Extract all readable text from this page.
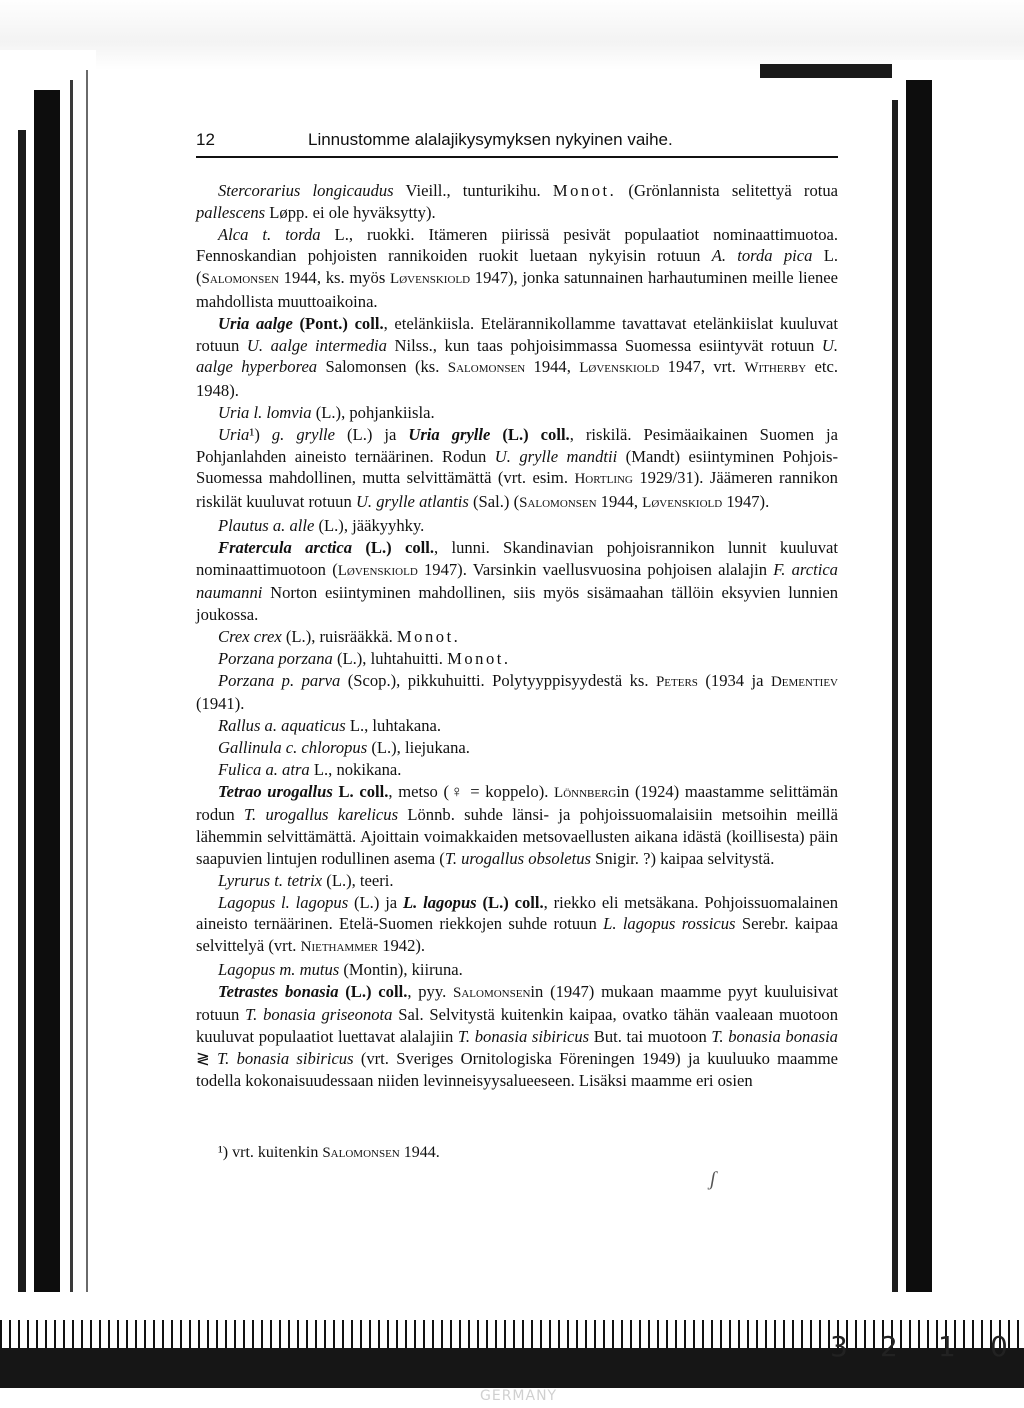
3 2 1 0
GERMANY
12	Linnustomme alalajikysymyksen nykyinen vaihe.

Stercorarius longicaudus Vieill., tunturikihu. Monot. (Grönlannista selitettyä rotua pallescens Løpp. ei ole hyväksytty).

Alca t. torda L., ruokki. Itämeren piirissä pesivät populaatiot nominaattimuotoa. Fennoskandian pohjoisten rannikoiden ruokit luetaan nykyisin rotuun A. torda pica L. (Salomonsen 1944, ks. myös Løvenskiold 1947), jonka satunnainen harhautuminen meille lienee mahdollista muuttoaikoina.

Uria aalge (Pont.) coll., etelänkiisla. Etelärannikollamme tavattavat etelänkiislat kuuluvat rotuun U. aalge intermedia Nilss., kun taas pohjoisimmassa Suomessa esiintyvät rotuun U. aalge hyperborea Salomonsen (ks. Salomonsen 1944, Løvenskiold 1947, vrt. Witherby etc. 1948).

Uria l. lomvia (L.), pohjankiisla.

Uria¹) g. grylle (L.) ja Uria grylle (L.) coll., riskilä. Pesimäaikainen Suomen ja Pohjanlahden aineisto ternäärinen. Rodun U. grylle mandtii (Mandt) esiintyminen Pohjois-Suomessa mahdollinen, mutta selvittämättä (vrt. esim. Hortling 1929/31). Jäämeren rannikon riskilät kuuluvat rotuun U. grylle atlantis (Sal.) (Salomonsen 1944, Løvenskiold 1947).

Plautus a. alle (L.), jääkyyhky.

Fratercula arctica (L.) coll., lunni. Skandinavian pohjoisrannikon lunnit kuuluvat nominaattimuotoon (Løvenskiold 1947). Varsinkin vaellusvuosina pohjoisen alalajin F. arctica naumanni Norton esiintyminen mahdollinen, siis myös sisämaahan tällöin eksyvien lunnien joukossa.

Crex crex (L.), ruisrääkkä. Monot.

Porzana porzana (L.), luhtahuitti. Monot.

Porzana p. parva (Scop.), pikkuhuitti. Polytyyppisyydestä ks. Peters (1934 ja Dementiev (1941).

Rallus a. aquaticus L., luhtakana.

Gallinula c. chloropus (L.), liejukana.

Fulica a. atra L., nokikana.

Tetrao urogallus L. coll., metso (♀ = koppelo). Lönnbergin (1924) maastamme selittämän rodun T. urogallus karelicus Lönnb. suhde länsi- ja pohjoissuomalaisiin metsoihin meillä lähemmin selvittämättä. Ajoittain voimakkaiden metsovaellusten aikana idästä (koillisesta) päin saapuvien lintujen rodullinen asema (T. urogallus obsoletus Snigir. ?) kaipaa selvitystä.

Lyrurus t. tetrix (L.), teeri.

Lagopus l. lagopus (L.) ja L. lagopus (L.) coll., riekko eli metsäkana. Pohjoissuomalainen aineisto ternäärinen. Etelä-Suomen riekkojen suhde rotuun L. lagopus rossicus Serebr. kaipaa selvittelyä (vrt. Niethammer 1942).

Lagopus m. mutus (Montin), kiiruna.

Tetrastes bonasia (L.) coll., pyy. Salomonsenin (1947) mukaan maamme pyyt kuuluisivat rotuun T. bonasia griseonota Sal. Selvitystä kuitenkin kaipaa, ovatko tähän vaaleaan muotoon kuuluvat populaatiot luettavat alalajiin T. bonasia sibiricus But. tai muotoon T. bonasia bonasia ≷ T. bonasia sibiricus (vrt. Sveriges Ornitologiska Föreningen 1949) ja kuuluuko maamme todella kokonaisuudessaan niiden levinneisyysalueeseen. Lisäksi maamme eri osien

¹) vrt. kuitenkin Salomonsen 1944.
ʃ
